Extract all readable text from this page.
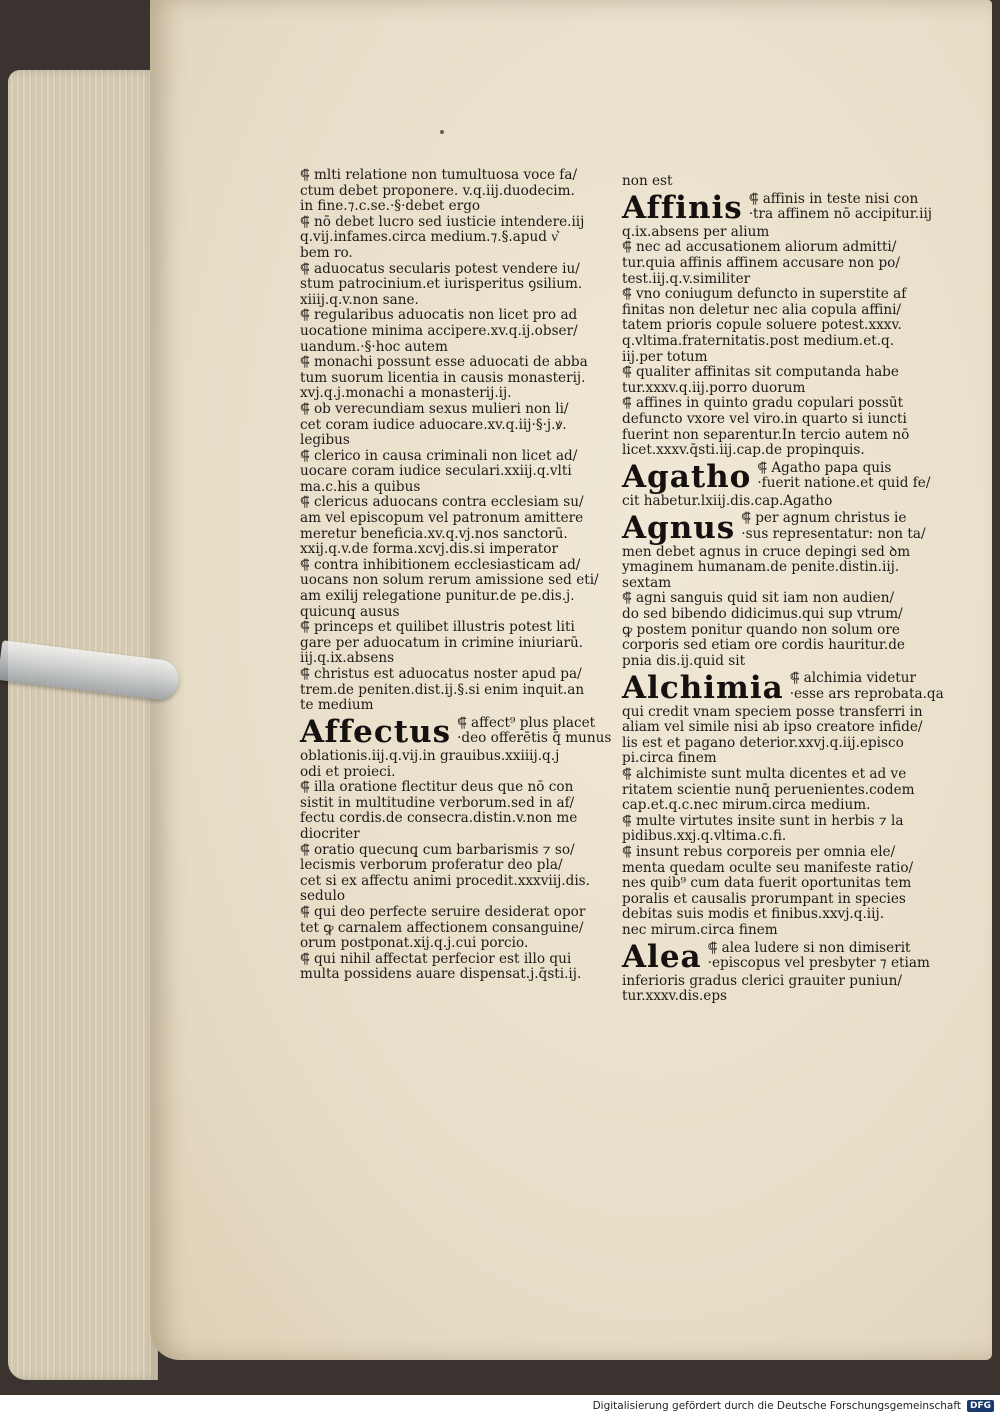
⸿ mlti relatione non tumultuosa voce fa/
ctum debet proponere. v.q.iij.duodecim.
in fine.⁊.c.se.·§·debet ergo
⸿ nō debet lucro sed iusticie intendere.iij
q.vij.infames.circa medium.⁊.§.apud v͛
bem ro.
⸿ aduocatus secularis potest vendere iu/
stum patrocinium.et iurisperitus ꝯsilium.
xiiij.q.v.non sane.
⸿ regularibus aduocatis non licet pro ad
uocatione minima accipere.xv.q.ij.obser/
uandum.·§·hoc autem
⸿ monachi possunt esse aduocati de abba
tum suorum licentia in causis monasterij.
xvj.q.j.monachi a monasterij.ij.
⸿ ob verecundiam sexus mulieri non li/
cet coram iudice aduocare.xv.q.iij·§·j.ꝟ.
legibus
⸿ clerico in causa criminali non licet ad/
uocare coram iudice seculari.xxiij.q.vlti
ma.c.his a quibus
⸿ clericus aduocans contra ecclesiam su/
am vel episcopum vel patronum amittere
meretur beneficia.xv.q.vj.nos sanctorū.
xxij.q.v.de forma.xcvj.dis.si imperator
⸿ contra inhibitionem ecclesiasticam ad/
uocans non solum rerum amissione sed eti/
am exilij relegatione punitur.de pe.dis.j.
quicunq̧ ausus
⸿ princeps et quilibet illustris potest liti
gare per aduocatum in crimine iniuriarū.
iij.q.ix.absens
⸿ christus est aduocatus noster apud pa/
trem.de peniten.dist.ij.§.si enim inquit.an
te medium
Affectus ⸿ affect⁹ plus placet
·deo offerētis q̄ munus
oblationis.iij.q.vij.in grauibus.xxiiij.q.j
odi et proieci.
⸿ illa oratione flectitur deus que nō con
sistit in multitudine verborum.sed in af/
fectu cordis.de consecra.distin.v.non me
diocriter
⸿ oratio quecunq̧ cum barbarismis ⁊ so/
lecismis verborum proferatur deo pla/
cet si ex affectu animi procedit.xxxviij.dis.
sedulo
⸿ qui deo perfecte seruire desiderat opor
tet ꝙ carnalem affectionem consanguine/
orum postponat.xij.q.j.cui porcio.
⸿ qui nihil affectat perfecior est illo qui
multa possidens auare dispensat.j.q̄sti.ij.
non est
Affinis ⸿ affinis in teste nisi con
·tra affinem nō accipitur.iij
q.ix.absens per alium
⸿ nec ad accusationem aliorum admitti/
tur.quia affinis affinem accusare non po/
test.iij.q.v.similiter
⸿ vno coniugum defuncto in superstite af
finitas non deletur nec alia copula affini/
tatem prioris copule soluere potest.xxxv.
q.vltima.fraternitatis.post medium.et.q.
iij.per totum
⸿ qualiter affinitas sit computanda habe
tur.xxxv.q.iij.porro duorum
⸿ affines in quinto gradu copulari possūt
defuncto vxore vel viro.in quarto si iuncti
fuerint non separentur.In tercio autem nō
licet.xxxv.q̄sti.iij.cap.de propinquis.
Agatho ⸿ Agatho papa quis
·fuerit natione.et quid fe/
cit habetur.lxiij.dis.cap.Agatho
Agnus ⸿ per agnum christus ie
·sus representatur: non ta/
men debet agnus in cruce depingi sed ꝺm
ymaginem humanam.de penite.distin.iij.
sextam
⸿ agni sanguis quid sit iam non audien/
do sed bibendo didicimus.qui sup vtrum/
ꝙ postem ponitur quando non solum ore
corporis sed etiam ore cordis hauritur.de
pnia dis.ij.quid sit
Alchimia ⸿ alchimia videtur
·esse ars reprobata.qa
qui credit vnam speciem posse transferri in
aliam vel simile nisi ab ipso creatore infide/
lis est et pagano deterior.xxvj.q.iij.episco
pi.circa finem
⸿ alchimiste sunt multa dicentes et ad ve
ritatem scientie nunq̄ peruenientes.codem
cap.et.q.c.nec mirum.circa medium.
⸿ multe virtutes insite sunt in herbis ⁊ la
pidibus.xxj.q.vltima.c.fi.
⸿ insunt rebus corporeis per omnia ele/
menta quedam oculte seu manifeste ratio/
nes quib⁹ cum data fuerit oportunitas tem
poralis et causalis prorumpant in species
debitas suis modis et finibus.xxvj.q.iij.
nec mirum.circa finem
Alea ⸿ alea ludere si non dimiserit
·episcopus vel presbyter ⁊ etiam
inferioris gradus clerici grauiter puniun/
tur.xxxv.dis.eps
Digitalisierung gefördert durch die Deutsche Forschungsgemeinschaft	DFG
